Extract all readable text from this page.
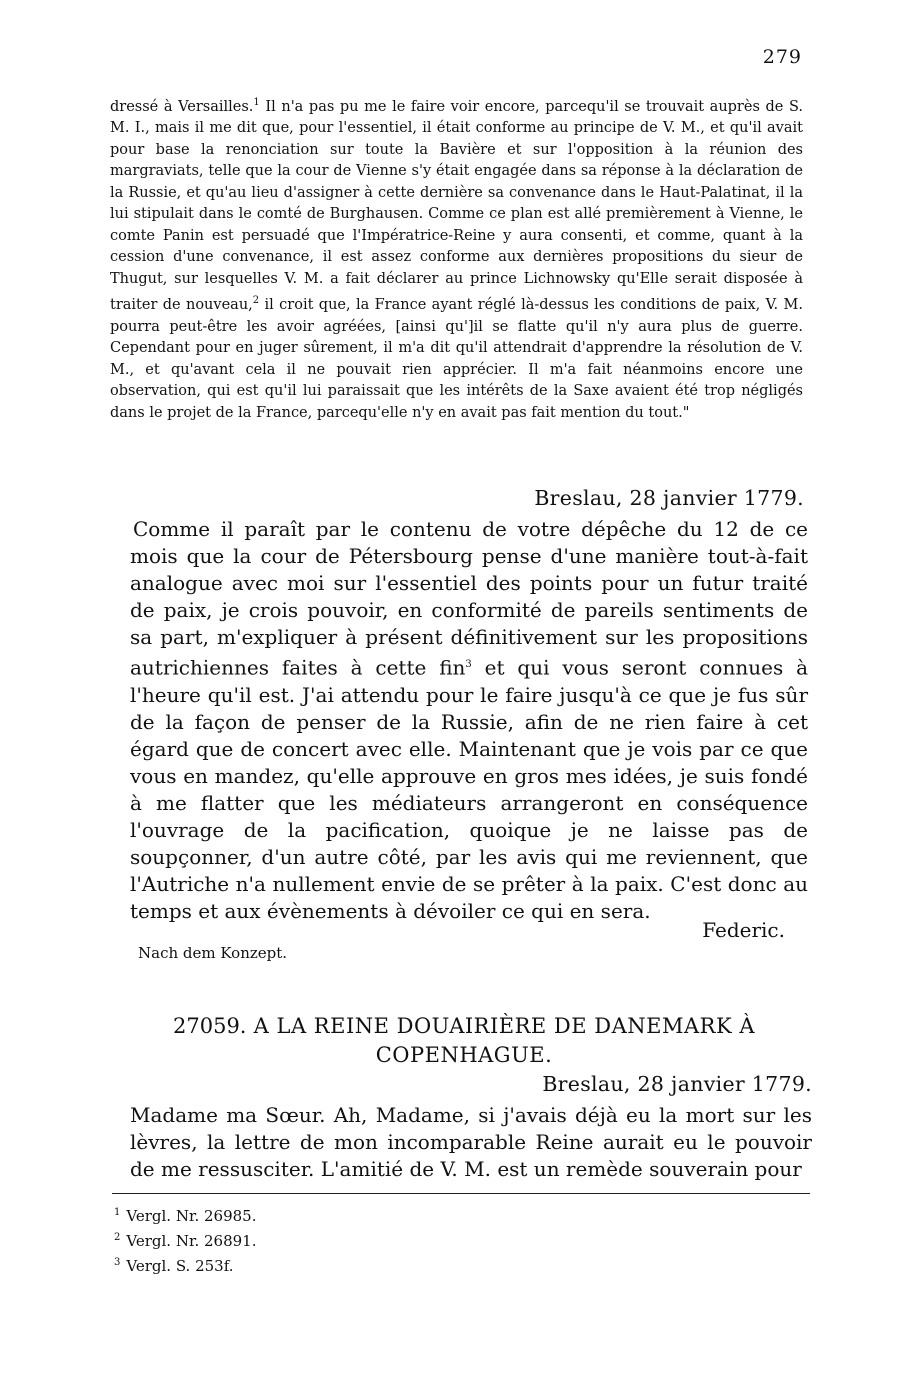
279

dressé à Versailles.$^1$ Il n'a pas pu me le faire voir encore, parcequ'il se trouvait auprès de S. M. I., mais il me dit que, pour l'essentiel, il était conforme au principe de V. M., et qu'il avait pour base la renonciation sur toute la Bavière et sur l'opposition à la réunion des margraviats, telle que la cour de Vienne s'y était engagée dans sa réponse à la déclaration de la Russie, et qu'au lieu d'assigner à cette dernière sa convenance dans le Haut-Palatinat, il la lui stipulait dans le comté de Burghausen. Comme ce plan est allé premièrement à Vienne, le comte Panin est persuadé que l'Impératrice-Reine y aura consenti, et comme, quant à la cession d'une convenance, il est assez conforme aux dernières propositions du sieur de Thugut, sur lesquelles V. M. a fait déclarer au prince Lichnowsky qu'Elle serait disposée à traiter de nouveau,$^2$ il croit que, la France ayant réglé là-dessus les conditions de paix, V. M. pourra peut-être les avoir agréées, [ainsi qu']il se flatte qu'il n'y aura plus de guerre. Cependant pour en juger sûrement, il m'a dit qu'il attendrait d'apprendre la résolution de V. M., et qu'avant cela il ne pouvait rien apprécier. Il m'a fait néanmoins encore une observation, qui est qu'il lui paraissait que les intérêts de la Saxe avaient été trop négligés dans le projet de la France, parcequ'elle n'y en avait pas fait mention du tout."

Breslau, 28 janvier 1779.

Comme il paraît par le contenu de votre dépêche du 12 de ce mois que la cour de Pétersbourg pense d'une manière tout-à-fait analogue avec moi sur l'essentiel des points pour un futur traité de paix, je crois pouvoir, en conformité de pareils sentiments de sa part, m'expliquer à présent définitivement sur les propositions autrichiennes faites à cette fin$^3$ et qui vous seront connues à l'heure qu'il est. J'ai attendu pour le faire jusqu'à ce que je fus sûr de la façon de penser de la Russie, afin de ne rien faire à cet égard que de concert avec elle. Maintenant que je vois par ce que vous en mandez, qu'elle approuve en gros mes idées, je suis fondé à me flatter que les médiateurs arrangeront en conséquence l'ouvrage de la pacification, quoique je ne laisse pas de soupçonner, d'un autre côté, par les avis qui me reviennent, que l'Autriche n'a nullement envie de se prêter à la paix. C'est donc au temps et aux évènements à dévoiler ce qui en sera.

Federic.
Nach dem Konzept.
27059. A LA REINE DOUAIRIÈRE DE DANEMARK À COPENHAGUE.
Breslau, 28 janvier 1779.

Madame ma Sœur. Ah, Madame, si j'avais déjà eu la mort sur les lèvres, la lettre de mon incomparable Reine aurait eu le pouvoir de me ressusciter. L'amitié de V. M. est un remède souverain pour

$^1$ Vergl. Nr. 26985.

$^2$ Vergl. Nr. 26891.

$^3$ Vergl. S. 253f.
